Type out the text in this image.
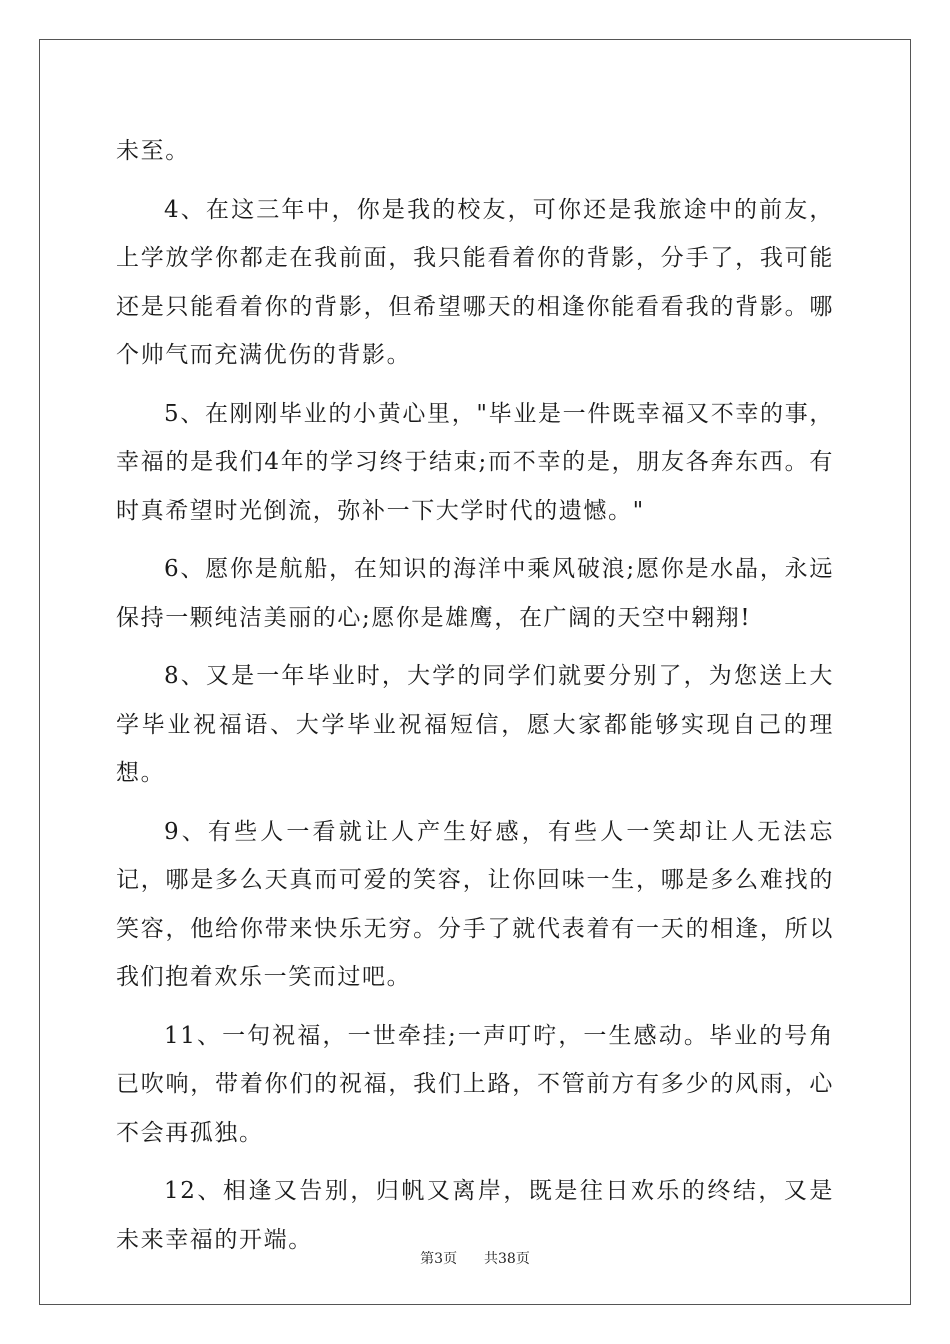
未至。

4、在这三年中，你是我的校友，可你还是我旅途中的前友，上学放学你都走在我前面，我只能看着你的背影，分手了，我可能还是只能看着你的背影，但希望哪天的相逢你能看看我的背影。哪个帅气而充满优伤的背影。

5、在刚刚毕业的小黄心里，"毕业是一件既幸福又不幸的事，幸福的是我们4年的学习终于结束;而不幸的是，朋友各奔东西。有时真希望时光倒流，弥补一下大学时代的遗憾。"

6、愿你是航船，在知识的海洋中乘风破浪;愿你是水晶，永远保持一颗纯洁美丽的心;愿你是雄鹰，在广阔的天空中翱翔!

8、又是一年毕业时，大学的同学们就要分别了，为您送上大学毕业祝福语、大学毕业祝福短信，愿大家都能够实现自己的理想。

9、有些人一看就让人产生好感，有些人一笑却让人无法忘记，哪是多么天真而可爱的笑容，让你回味一生，哪是多么难找的笑容，他给你带来快乐无穷。分手了就代表着有一天的相逢，所以我们抱着欢乐一笑而过吧。

11、一句祝福，一世牵挂;一声叮咛，一生感动。毕业的号角已吹响，带着你们的祝福，我们上路，不管前方有多少的风雨，心不会再孤独。

12、相逢又告别，归帆又离岸，既是往日欢乐的终结，又是未来幸福的开端。

第3页 共38页
